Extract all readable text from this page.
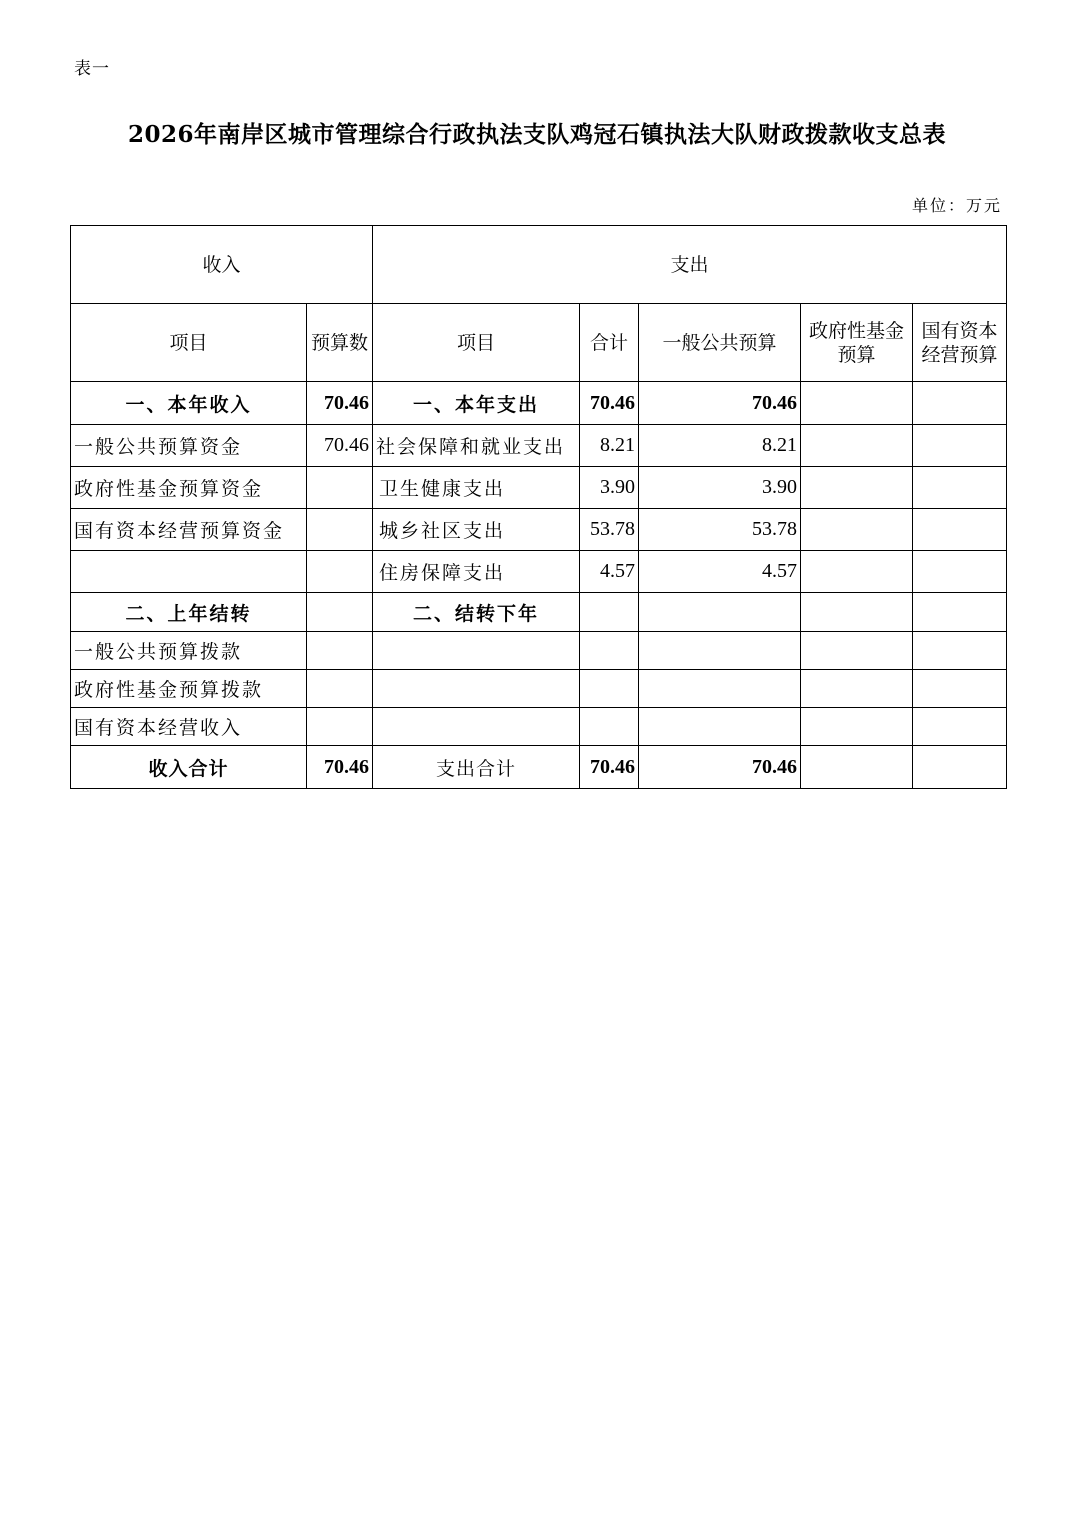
表一
2026年南岸区城市管理综合行政执法支队鸡冠石镇执法大队财政拨款收支总表
单位：万元
收入		支出				
项目	预算数	项目	合计	一般公共预算	政府性基金预算	国有资本经营预算
一、本年收入	70.46	一、本年支出	70.46	70.46		
一般公共预算资金	70.46	社会保障和就业支出	8.21	8.21		
政府性基金预算资金		卫生健康支出	3.90	3.90		
国有资本经营预算资金		城乡社区支出	53.78	53.78		
		住房保障支出	4.57	4.57		
二、上年结转		二、结转下年				
一般公共预算拨款						
政府性基金预算拨款						
国有资本经营收入						
收入合计	70.46	支出合计	70.46	70.46		
